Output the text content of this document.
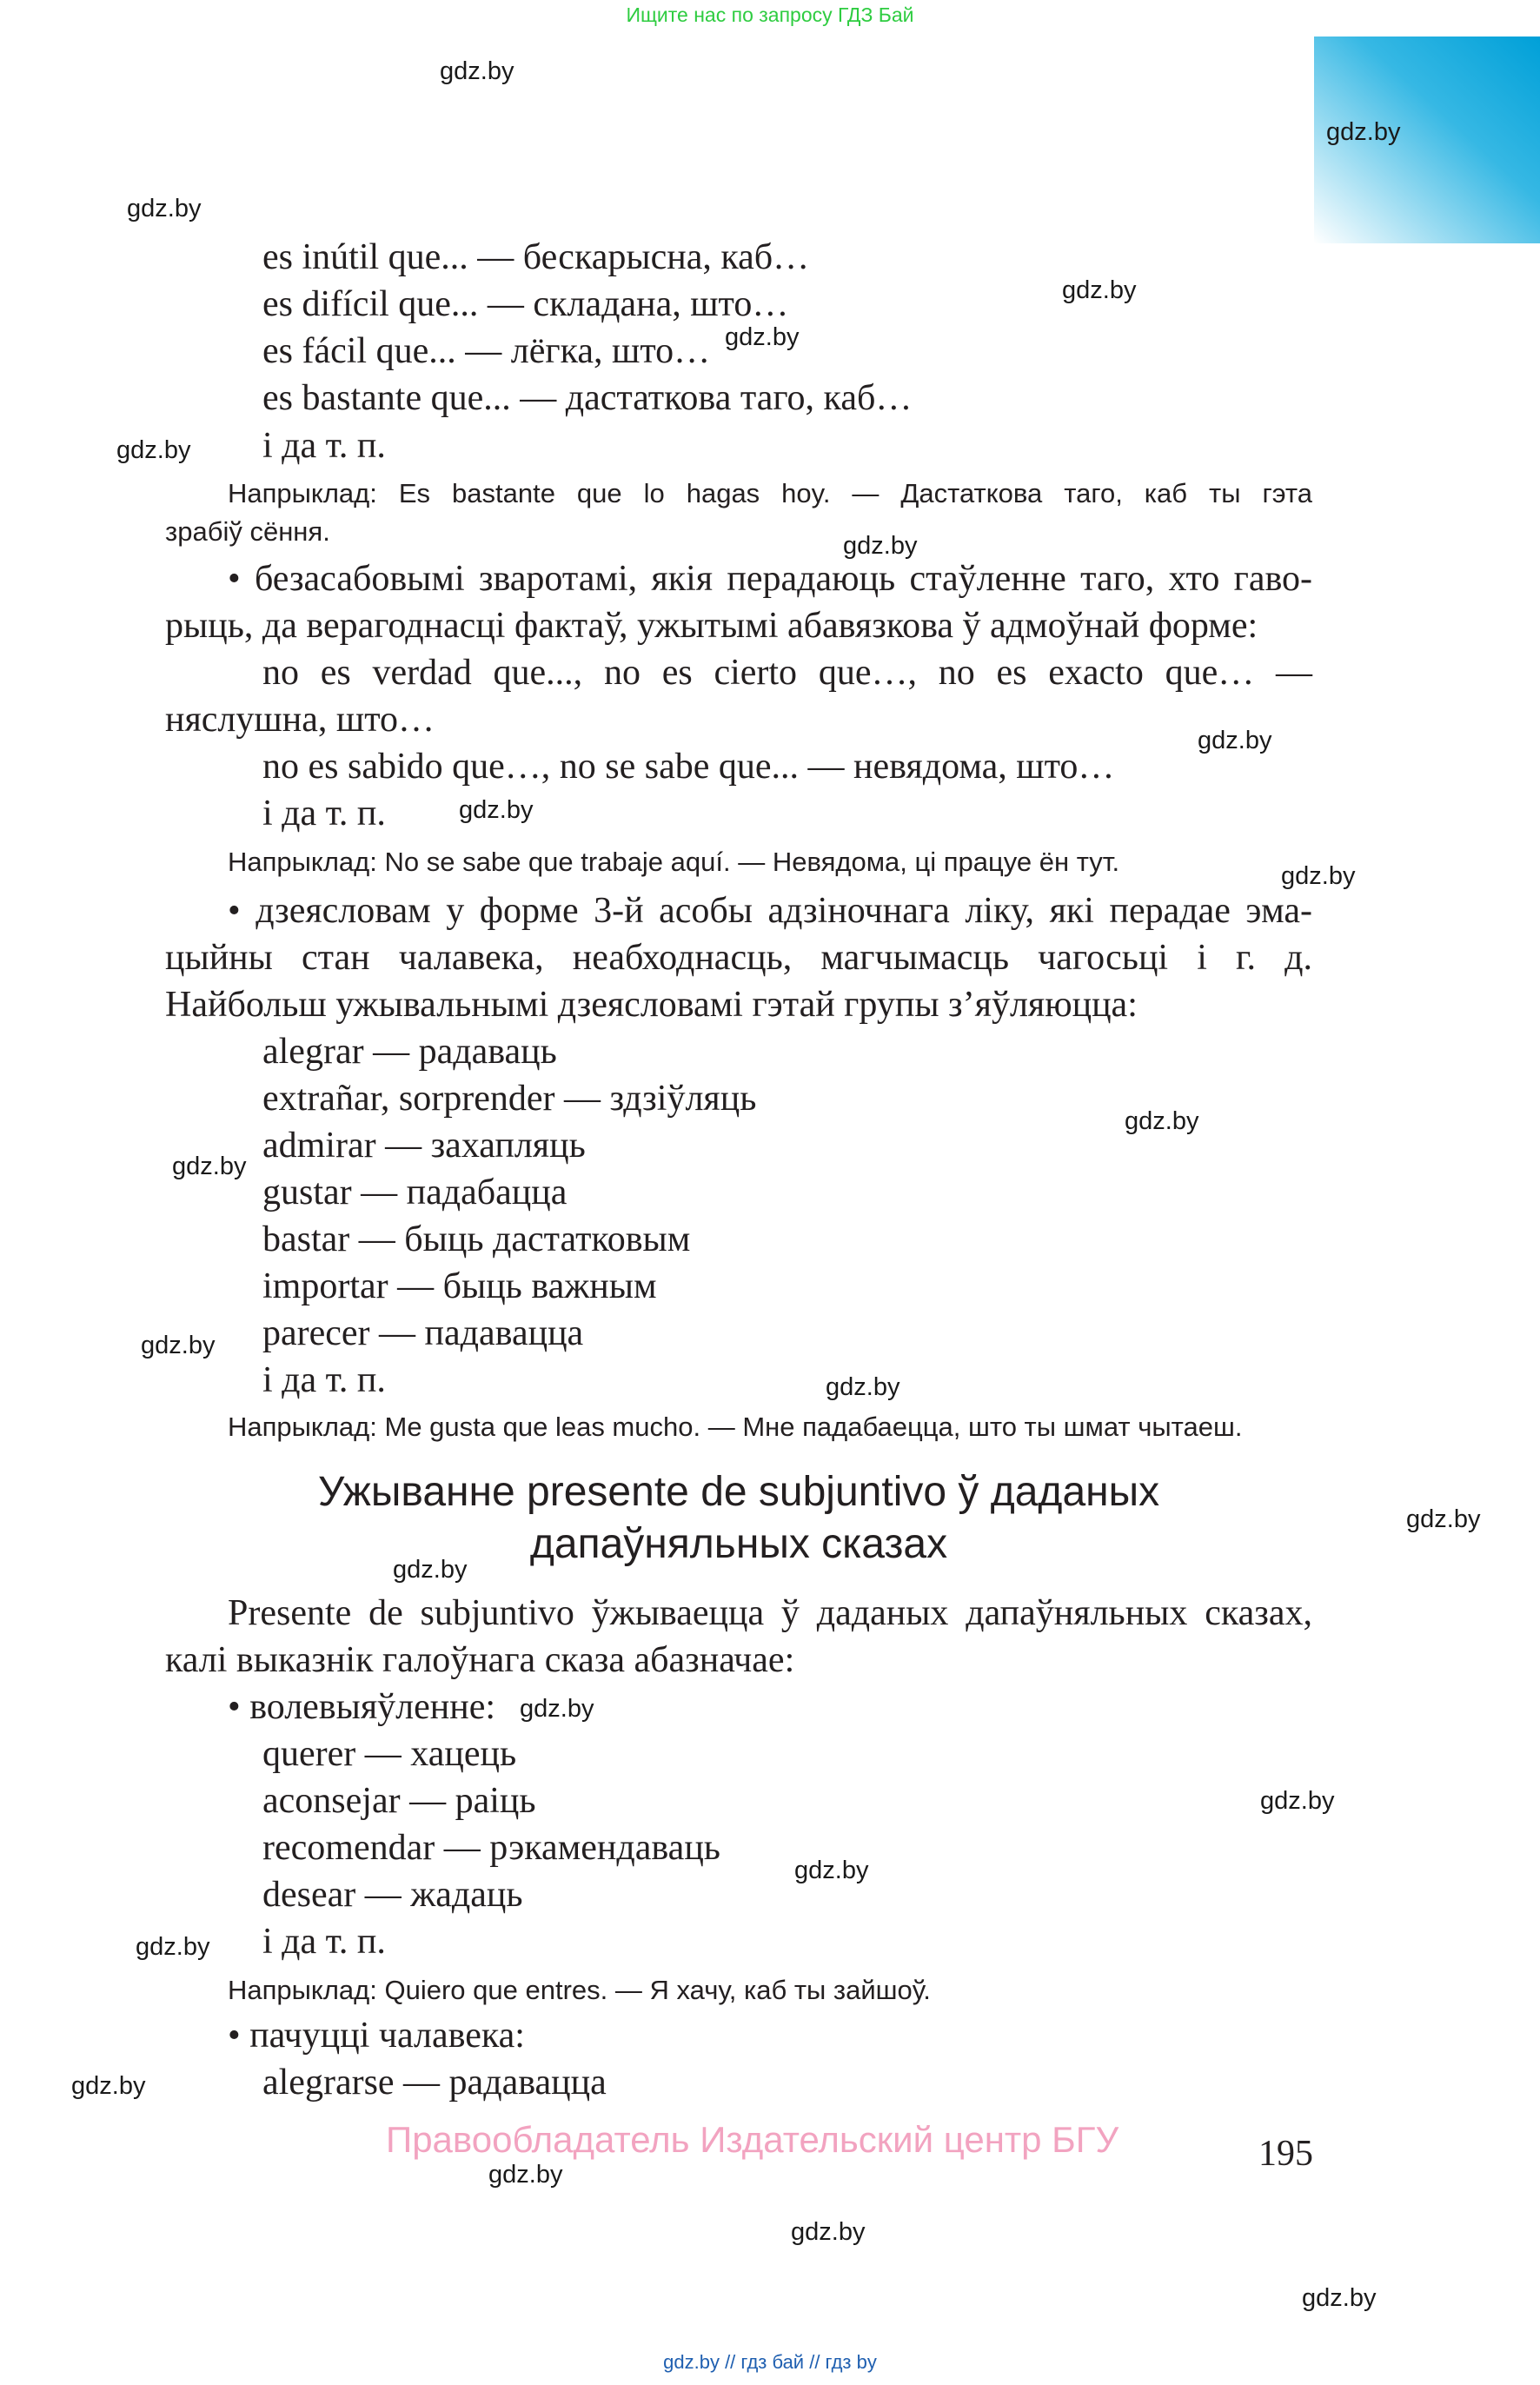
Ищите нас по запросу ГДЗ Бай
es inútil que... — бескарысна, каб…
es difícil que... — складана, што…
es fácil que... — лёгка, што…
es bastante que... — дастаткова таго, каб…
і да т. п.
Напрыклад: Es bastante que lo hagas hoy. — Дастаткова таго, каб ты гэта
зрабіў сёння.
• безасабовымі зваротамі, якія перадаюць стаўленне таго, хто гаво-
рыць, да верагоднасці фактаў, ужытымі абавязкова ў адмоўнай форме:
no es verdad que..., no es cierto que…, no es exacto que… —
няслушна, што…
no es sabido que…, no se sabe que... — невядома, што…
і да т. п.
Напрыклад: No se sabe que trabaje aquí. — Невядома, ці працуе ён тут.
• дзеясловам у форме 3-й асобы адзіночнага ліку, які перадае эма-
цыйны стан чалавека, неабходнасць, магчымасць чагосьці і г. д.
Найбольш ужывальнымі дзеясловамі гэтай групы з’яўляюцца:
alegrar — радаваць
extrañar, sorprender — здзіўляць
admirar — захапляць
gustar — падабацца
bastar — быць дастатковым
importar — быць важным
parecer — падавацца
і да т. п.
Напрыклад: Me gusta que leas mucho. — Мне падабаецца, што ты шмат чытаеш.
Ужыванне presente de subjuntivo ў даданых
дапаўняльных сказах
Presente de subjuntivo ўжываецца ў даданых дапаўняльных сказах,
калі выказнік галоўнага сказа абазначае:
• волевыяўленне:
querer — хацець
aconsejar — раіць
recomendar — рэкамендаваць
desear — жадаць
і да т. п.
Напрыклад: Quiero que entres. — Я хачу, каб ты зайшоў.
• пачуцці чалавека:
alegrarse — радавацца
Правообладатель Издательский центр БГУ	195
gdz.by // гдз бай // гдз by
gdz.by
gdz.by
gdz.by
gdz.by
gdz.by
gdz.by
gdz.by
gdz.by
gdz.by
gdz.by
gdz.by
gdz.by
gdz.by
gdz.by
gdz.by
gdz.by
gdz.by
gdz.by
gdz.by
gdz.by
gdz.by
gdz.by
gdz.by
gdz.by
